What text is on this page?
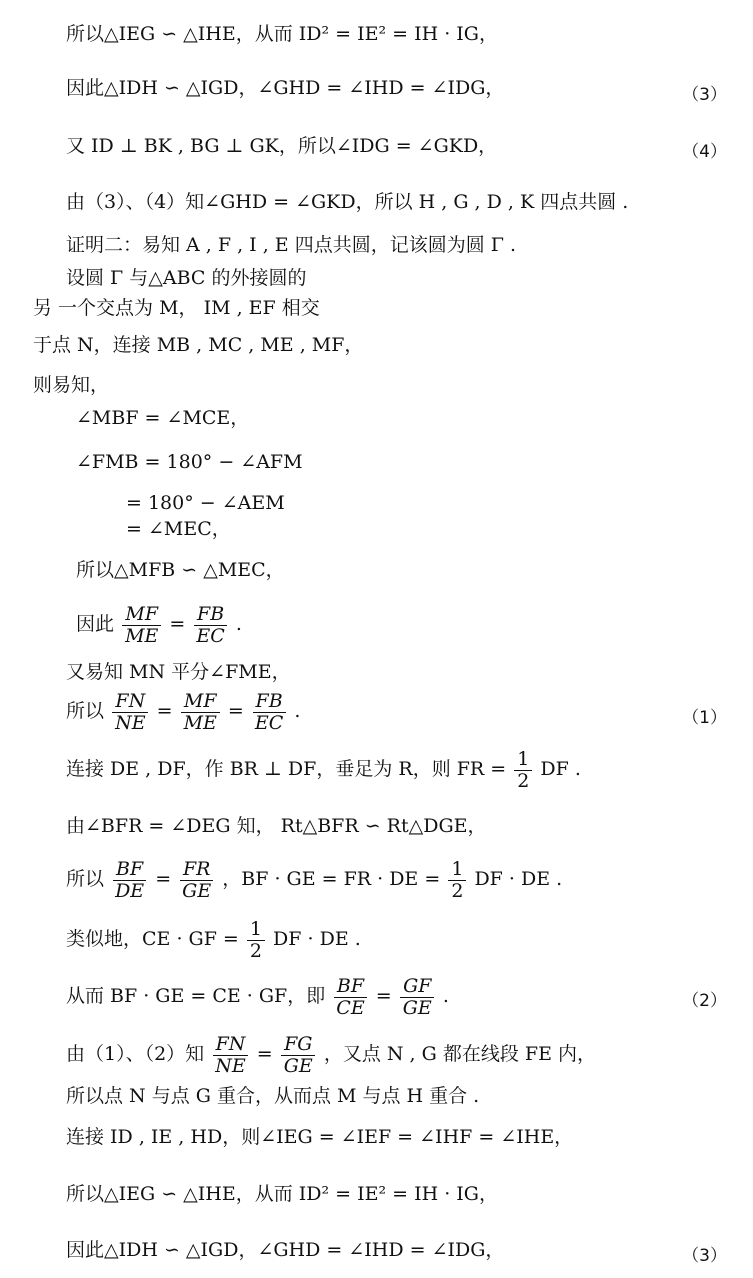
所以△IEG ∽ △IHE，从而 ID² = IE² = IH · IG，
因此△IDH ∽ △IGD，∠GHD = ∠IHD = ∠IDG，	（3）
又 ID ⊥ BK , BG ⊥ GK，所以∠IDG = ∠GKD，	（4）
由（3）、（4）知∠GHD = ∠GKD，所以 H , G , D , K 四点共圆 .
证明二：易知 A , F , I , E 四点共圆，记该圆为圆 Γ .
设圆 Γ 与△ABC 的外接圆的
另 一个交点为 M， IM , EF 相交
于点 N，连接 MB , MC , ME , MF，
则易知，
∠MBF = ∠MCE，
∠FMB = 180° − ∠AFM
= 180° − ∠AEM
= ∠MEC，
所以△MFB ∽ △MEC，
因此 $\frac{MF}{ME} = \frac{FB}{EC}$ .
又易知 MN 平分∠FME，
所以 $\frac{FN}{NE} = \frac{MF}{ME} = \frac{FB}{EC}$ .	（1）
连接 DE , DF，作 BR ⊥ DF，垂足为 R，则 FR = $\frac{1}{2}$ DF .
由∠BFR = ∠DEG 知， Rt△BFR ∽ Rt△DGE，
所以 $\frac{BF}{DE} = \frac{FR}{GE}$ ，BF · GE = FR · DE = $\frac{1}{2}$ DF · DE .
类似地，CE · GF = $\frac{1}{2}$ DF · DE .
从而 BF · GE = CE · GF，即 $\frac{BF}{CE} = \frac{GF}{GE}$ .	（2）
由（1）、（2）知 $\frac{FN}{NE} = \frac{FG}{GE}$ ，又点 N , G 都在线段 FE 内，
所以点 N 与点 G 重合，从而点 M 与点 H 重合 .
连接 ID , IE , HD，则∠IEG = ∠IEF = ∠IHF = ∠IHE，
所以△IEG ∽ △IHE，从而 ID² = IE² = IH · IG，
因此△IDH ∽ △IGD，∠GHD = ∠IHD = ∠IDG，	（3）
